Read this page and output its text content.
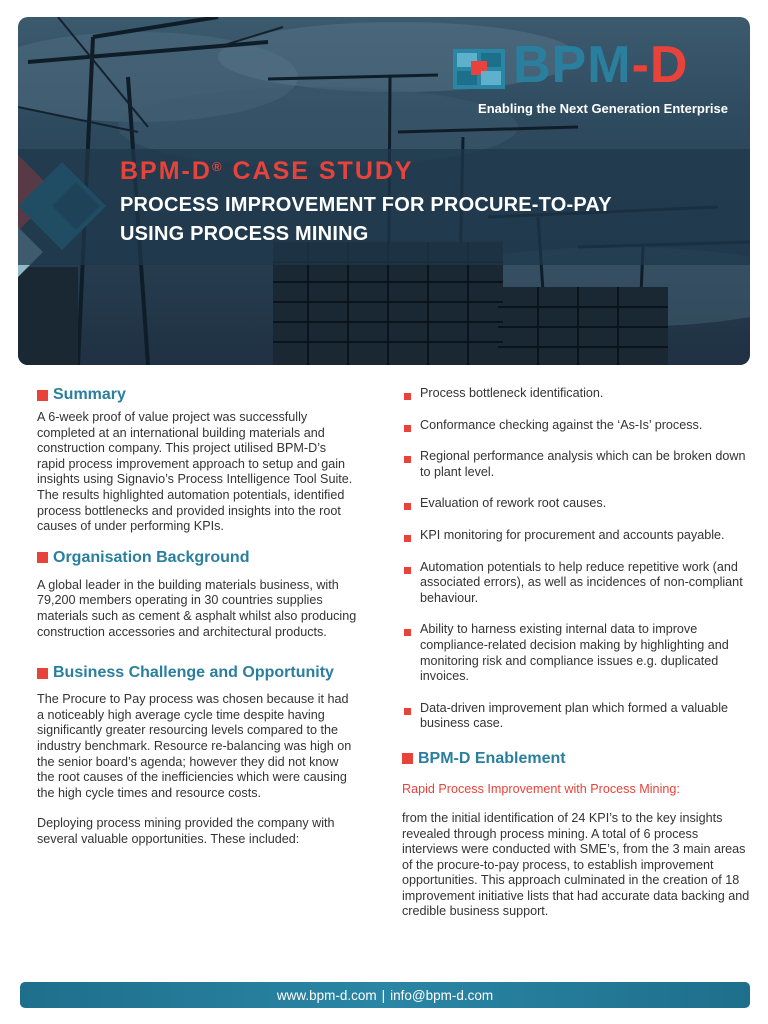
BPM-D
Enabling the Next Generation Enterprise
BPM-D® CASE STUDY
PROCESS IMPROVEMENT FOR PROCURE-TO-PAY
USING PROCESS MINING
Summary

A 6-week proof of value project was successfully completed at an international building materials and construction company. This project utilised BPM-D’s rapid process improvement approach to setup and gain insights using Signavio’s Process Intelligence Tool Suite. The results highlighted automation potentials, identified process bottlenecks and provided insights into the root causes of under performing KPIs.

Organisation Background

A global leader in the building materials business, with 79,200 members operating in 30 countries supplies materials such as cement & asphalt whilst also producing construction accessories and architectural products.

Business Challenge and Opportunity

The Procure to Pay process was chosen because it had a noticeably high average cycle time despite having significantly greater resourcing levels compared to the industry benchmark. Resource re-balancing was high on the senior board’s agenda; however they did not know the root causes of the inefficiencies which were causing the high cycle times and resource costs.

Deploying process mining provided the company with several valuable opportunities. These included:

Process bottleneck identification.
Conformance checking against the ‘As-Is’ process.
Regional performance analysis which can be broken down to plant level.
Evaluation of rework root causes.
KPI monitoring for procurement and accounts payable.
Automation potentials to help reduce repetitive work (and associated errors), as well as incidences of non-compliant behaviour.
Ability to harness existing internal data to improve compliance-related decision making by highlighting and monitoring risk and compliance issues e.g. duplicated invoices.
Data-driven improvement plan which formed a valuable business case.
BPM-D Enablement

Rapid Process Improvement with Process Mining:

from the initial identification of 24 KPI’s to the key insights revealed through process mining. A total of 6 process interviews were conducted with SME’s, from the 3 main areas of the procure-to-pay process, to establish improvement opportunities. This approach culminated in the creation of 18 improvement initiative lists that had accurate data backing and credible business support.

www.bpm-d.com | info@bpm-d.com
